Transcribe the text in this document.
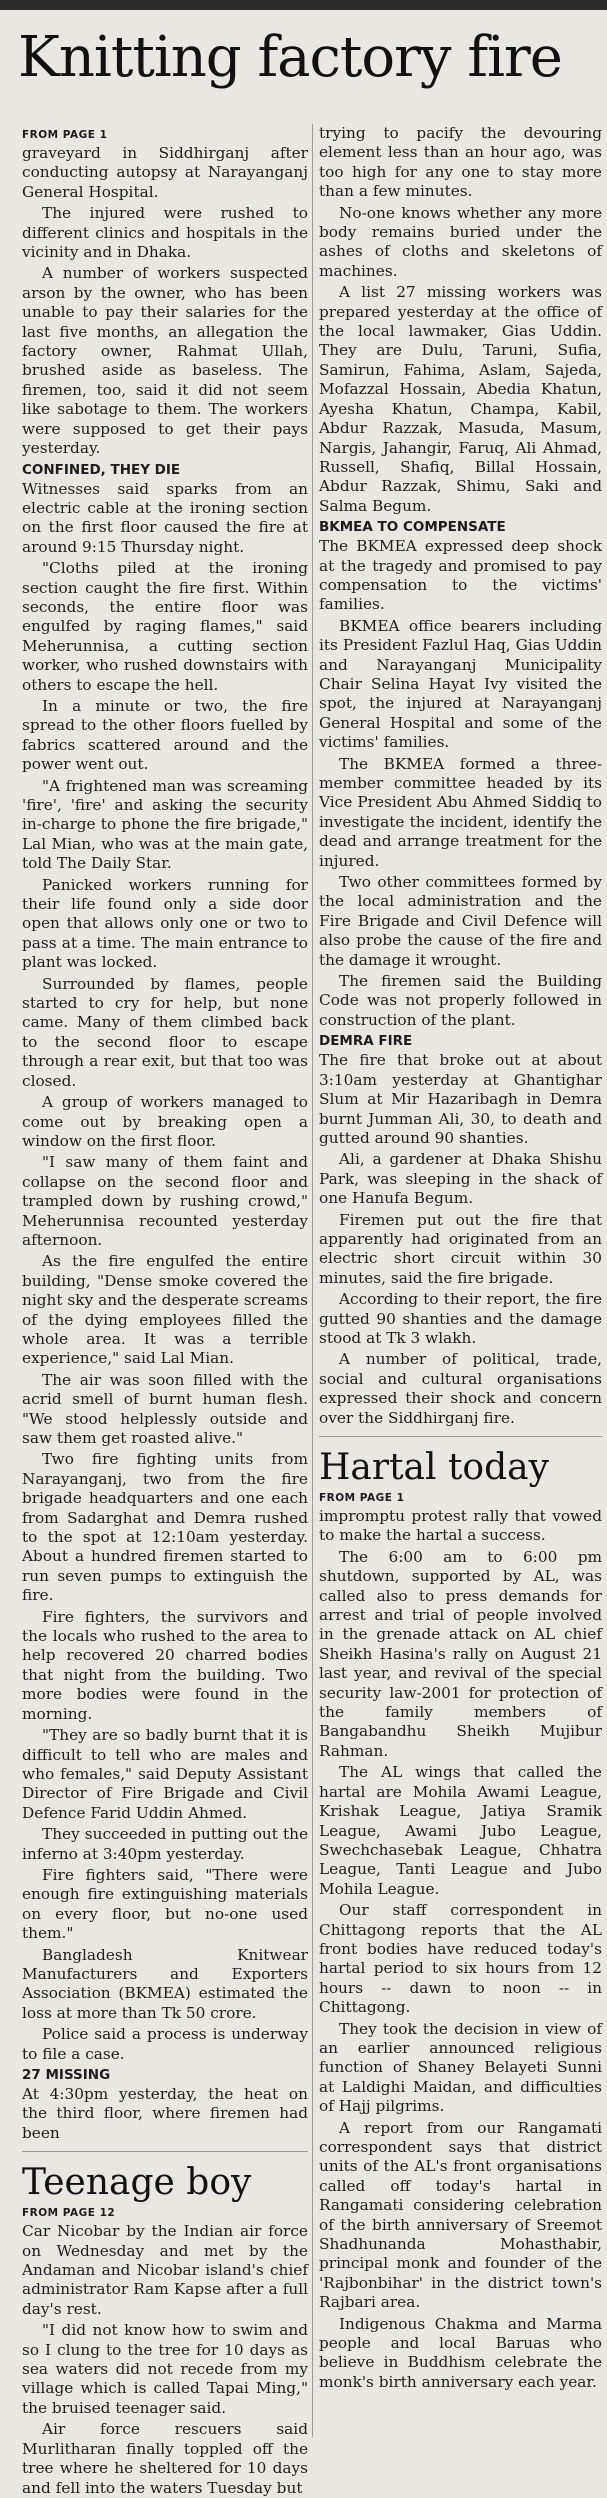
Knitting factory fire
FROM PAGE 1

graveyard in Siddhirganj after conducting autopsy at Narayanganj General Hospital.

The injured were rushed to different clinics and hospitals in the vicinity and in Dhaka.

A number of workers suspected arson by the owner, who has been unable to pay their salaries for the last five months, an allegation the factory owner, Rahmat Ullah, brushed aside as baseless. The firemen, too, said it did not seem like sabotage to them. The workers were supposed to get their pays yesterday.

CONFINED, THEY DIE

Witnesses said sparks from an electric cable at the ironing section on the first floor caused the fire at around 9:15 Thursday night.

"Cloths piled at the ironing section caught the fire first. Within seconds, the entire floor was engulfed by raging flames," said Meherunnisa, a cutting section worker, who rushed downstairs with others to escape the hell.

In a minute or two, the fire spread to the other floors fuelled by fabrics scattered around and the power went out.

"A frightened man was screaming 'fire', 'fire' and asking the security in-charge to phone the fire brigade," Lal Mian, who was at the main gate, told The Daily Star.

Panicked workers running for their life found only a side door open that allows only one or two to pass at a time. The main entrance to plant was locked.

Surrounded by flames, people started to cry for help, but none came. Many of them climbed back to the second floor to escape through a rear exit, but that too was closed.

A group of workers managed to come out by breaking open a window on the first floor.

"I saw many of them faint and collapse on the second floor and trampled down by rushing crowd," Meherunnisa recounted yesterday afternoon.

As the fire engulfed the entire building, "Dense smoke covered the night sky and the desperate screams of the dying employees filled the whole area. It was a terrible experience," said Lal Mian.

The air was soon filled with the acrid smell of burnt human flesh. "We stood helplessly outside and saw them get roasted alive."

Two fire fighting units from Narayanganj, two from the fire brigade headquarters and one each from Sadarghat and Demra rushed to the spot at 12:10am yesterday. About a hundred firemen started to run seven pumps to extinguish the fire.

Fire fighters, the survivors and the locals who rushed to the area to help recovered 20 charred bodies that night from the building. Two more bodies were found in the morning.

"They are so badly burnt that it is difficult to tell who are males and who females," said Deputy Assistant Director of Fire Brigade and Civil Defence Farid Uddin Ahmed.

They succeeded in putting out the inferno at 3:40pm yesterday.

Fire fighters said, "There were enough fire extinguishing materials on every floor, but no-one used them."

Bangladesh Knitwear Manufacturers and Exporters Association (BKMEA) estimated the loss at more than Tk 50 crore.

Police said a process is underway to file a case.

27 MISSING

At 4:30pm yesterday, the heat on the third floor, where firemen had been

Teenage boy
FROM PAGE 12

Car Nicobar by the Indian air force on Wednesday and met by the Andaman and Nicobar island's chief administrator Ram Kapse after a full day's rest.

"I did not know how to swim and so I clung to the tree for 10 days as sea waters did not recede from my village which is called Tapai Ming," the bruised teenager said.

Air force rescuers said Murlitharan finally toppled off the tree where he sheltered for 10 days and fell into the waters Tuesday but

trying to pacify the devouring element less than an hour ago, was too high for any one to stay more than a few minutes.

No-one knows whether any more body remains buried under the ashes of cloths and skeletons of machines.

A list 27 missing workers was prepared yesterday at the office of the local lawmaker, Gias Uddin. They are Dulu, Taruni, Sufia, Samirun, Fahima, Aslam, Sajeda, Mofazzal Hossain, Abedia Khatun, Ayesha Khatun, Champa, Kabil, Abdur Razzak, Masuda, Masum, Nargis, Jahangir, Faruq, Ali Ahmad, Russell, Shafiq, Billal Hossain, Abdur Razzak, Shimu, Saki and Salma Begum.

BKMEA TO COMPENSATE

The BKMEA expressed deep shock at the tragedy and promised to pay compensation to the victims' families.

BKMEA office bearers including its President Fazlul Haq, Gias Uddin and Narayanganj Municipality Chair Selina Hayat Ivy visited the spot, the injured at Narayanganj General Hospital and some of the victims' families.

The BKMEA formed a three-member committee headed by its Vice President Abu Ahmed Siddiq to investigate the incident, identify the dead and arrange treatment for the injured.

Two other committees formed by the local administration and the Fire Brigade and Civil Defence will also probe the cause of the fire and the damage it wrought.

The firemen said the Building Code was not properly followed in construction of the plant.

DEMRA FIRE

The fire that broke out at about 3:10am yesterday at Ghantighar Slum at Mir Hazaribagh in Demra burnt Jumman Ali, 30, to death and gutted around 90 shanties.

Ali, a gardener at Dhaka Shishu Park, was sleeping in the shack of one Hanufa Begum.

Firemen put out the fire that apparently had originated from an electric short circuit within 30 minutes, said the fire brigade.

According to their report, the fire gutted 90 shanties and the damage stood at Tk 3 wlakh.

A number of political, trade, social and cultural organisations expressed their shock and concern over the Siddhirganj fire.

Hartal today
FROM PAGE 1

impromptu protest rally that vowed to make the hartal a success.

The 6:00 am to 6:00 pm shutdown, supported by AL, was called also to press demands for arrest and trial of people involved in the grenade attack on AL chief Sheikh Hasina's rally on August 21 last year, and revival of the special security law-2001 for protection of the family members of Bangabandhu Sheikh Mujibur Rahman.

The AL wings that called the hartal are Mohila Awami League, Krishak League, Jatiya Sramik League, Awami Jubo League, Swechchasebak League, Chhatra League, Tanti League and Jubo Mohila League.

Our staff correspondent in Chittagong reports that the AL front bodies have reduced today's hartal period to six hours from 12 hours -- dawn to noon -- in Chittagong.

They took the decision in view of an earlier announced religious function of Shaney Belayeti Sunni at Laldighi Maidan, and difficulties of Hajj pilgrims.

A report from our Rangamati correspondent says that district units of the AL's front organisations called off today's hartal in Rangamati considering celebration of the birth anniversary of Sreemot Shadhunanda Mohasthabir, principal monk and founder of the 'Rajbonbihar' in the district town's Rajbari area.

Indigenous Chakma and Marma people and local Baruas who believe in Buddhism celebrate the monk's birth anniversary each year.
